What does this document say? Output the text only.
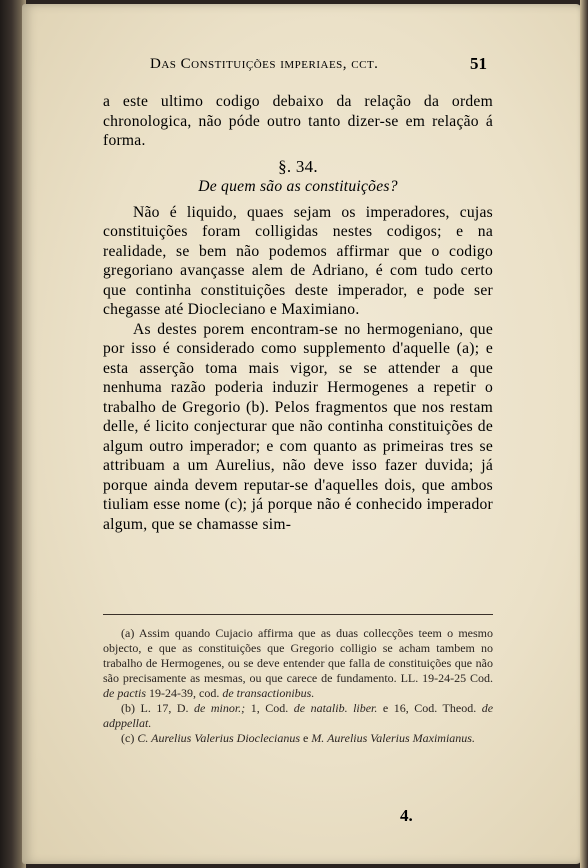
Das Constituições imperiaes, cct.	51

a este ultimo codigo debaixo da relação da ordem chronologica, não póde outro tanto dizer-se em relação á forma.

§. 34.
De quem são as constituições?

Não é liquido, quaes sejam os imperadores, cujas constituições foram colligidas nestes codigos; e na realidade, se bem não podemos affirmar que o codigo gregoriano avançasse alem de Adriano, é com tudo certo que continha constituições deste imperador, e pode ser chegasse até Diocleciano e Maximiano.

As destes porem encontram-se no hermogeniano, que por isso é considerado como supplemento d'aquelle (a); e esta asserção toma mais vigor, se se attender a que nenhuma razão poderia induzir Hermogenes a repetir o trabalho de Gregorio (b). Pelos fragmentos que nos restam delle, é licito conjecturar que não continha constituições de algum outro imperador; e com quanto as primeiras tres se attribuam a um Aurelius, não deve isso fazer duvida; já porque ainda devem reputar-se d'aquelles dois, que ambos tiuliam esse nome (c); já porque não é conhecido imperador algum, que se chamasse sim-

(a) Assim quando Cujacio affirma que as duas collecções teem o mesmo objecto, e que as constituições que Gregorio colligio se acham tambem no trabalho de Hermogenes, ou se deve entender que falla de constituições que não são precisamente as mesmas, ou que carece de fundamento. LL. 19-24-25 Cod. de pactis 19-24-39, cod. de transactionibus.

(b) L. 17, D. de minor.; 1, Cod. de natalib. liber. e 16, Cod. Theod. de adppellat.

(c) C. Aurelius Valerius Dioclecianus e M. Aurelius Valerius Maximianus.

4.
